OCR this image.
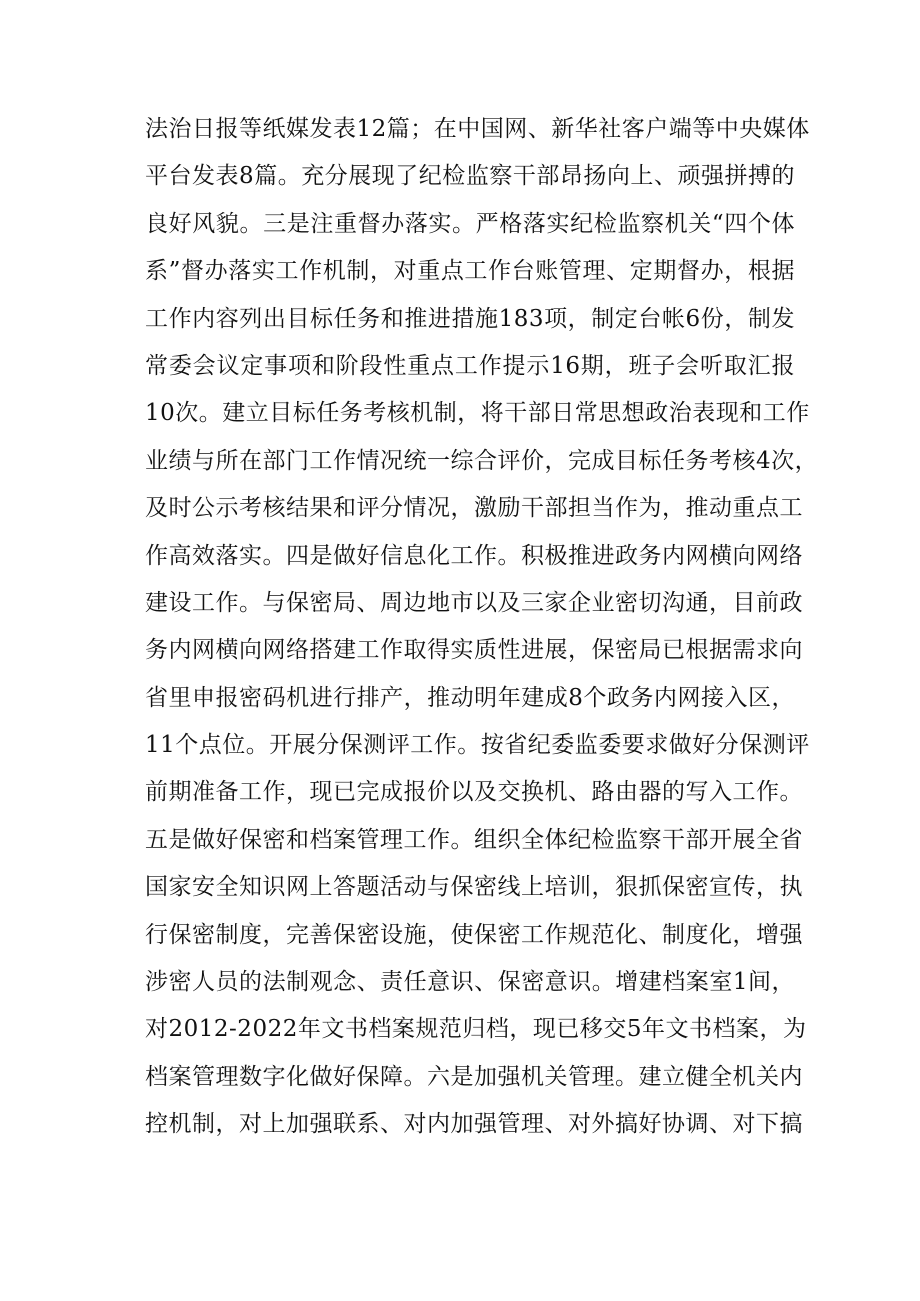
法治日报等纸媒发表12篇；在中国网、新华社客户端等中央媒体
平台发表8篇。充分展现了纪检监察干部昂扬向上、顽强拼搏的
良好风貌。三是注重督办落实。严格落实纪检监察机关“四个体
系”督办落实工作机制，对重点工作台账管理、定期督办，根据
工作内容列出目标任务和推进措施183项，制定台帐6份，制发
常委会议定事项和阶段性重点工作提示16期，班子会听取汇报
10次。建立目标任务考核机制，将干部日常思想政治表现和工作
业绩与所在部门工作情况统一综合评价，完成目标任务考核4次，
及时公示考核结果和评分情况，激励干部担当作为，推动重点工
作高效落实。四是做好信息化工作。积极推进政务内网横向网络
建设工作。与保密局、周边地市以及三家企业密切沟通，目前政
务内网横向网络搭建工作取得实质性进展，保密局已根据需求向
省里申报密码机进行排产，推动明年建成8个政务内网接入区，
11个点位。开展分保测评工作。按省纪委监委要求做好分保测评
前期准备工作，现已完成报价以及交换机、路由器的写入工作。
五是做好保密和档案管理工作。组织全体纪检监察干部开展全省
国家安全知识网上答题活动与保密线上培训，狠抓保密宣传，执
行保密制度，完善保密设施，使保密工作规范化、制度化，增强
涉密人员的法制观念、责任意识、保密意识。增建档案室1间，
对2012-2022年文书档案规范归档，现已移交5年文书档案，为
档案管理数字化做好保障。六是加强机关管理。建立健全机关内
控机制，对上加强联系、对内加强管理、对外搞好协调、对下搞
